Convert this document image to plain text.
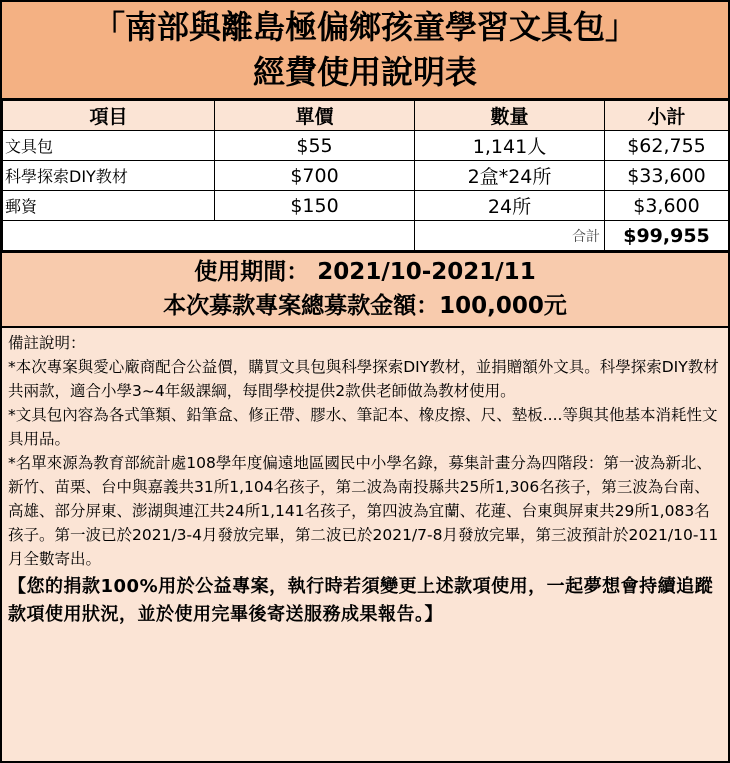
「南部與離島極偏鄉孩童學習文具包」
經費使用說明表
項目	單價	數量	小計
文具包	$55	1,141人	$62,755
科學探索DIY教材	$700	2盒*24所	$33,600
郵資	$150	24所	$3,600
		合計	$99,955
使用期間： 2021/10-2021/11
本次募款專案總募款金額：100,000元

備註說明：

*本次專案與愛心廠商配合公益價，購買文具包與科學探索DIY教材，並捐贈額外文具。科學探索DIY教材共兩款，適合小學3~4年級課綱，每間學校提供2款供老師做為教材使用。

*文具包內容為各式筆類、鉛筆盒、修正帶、膠水、筆記本、橡皮擦、尺、墊板....等與其他基本消耗性文具用品。

*名單來源為教育部統計處108學年度偏遠地區國民中小學名錄，募集計畫分為四階段：第一波為新北、新竹、苗栗、台中與嘉義共31所1,104名孩子，第二波為南投縣共25所1,306名孩子，第三波為台南、高雄、部分屏東、澎湖與連江共24所1,141名孩子，第四波為宜蘭、花蓮、台東與屏東共29所1,083名孩子。第一波已於2021/3-4月發放完畢，第二波已於2021/7-8月發放完畢，第三波預計於2021/10-11月全數寄出。

【您的捐款100%用於公益專案，執行時若須變更上述款項使用，一起夢想會持續追蹤款項使用狀況，並於使用完畢後寄送服務成果報告。】
